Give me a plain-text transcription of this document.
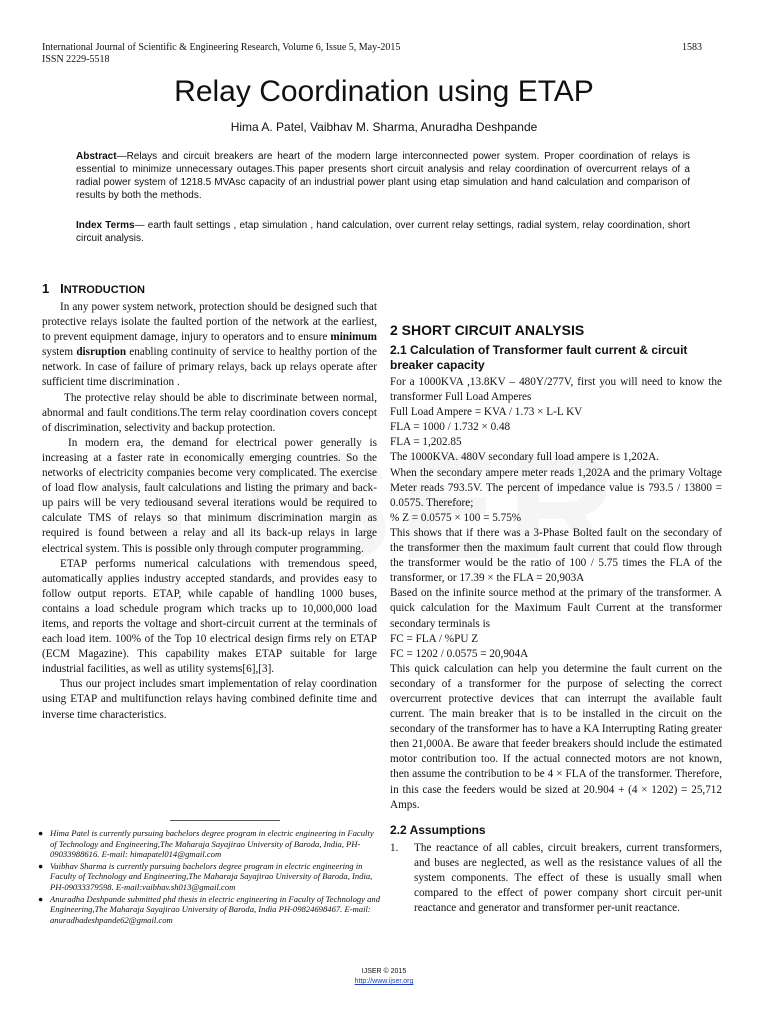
International Journal of Scientific & Engineering Research, Volume 6, Issue 5, May-2015
ISSN 2229-5518
1583
Relay Coordination using ETAP
Hima A. Patel, Vaibhav M. Sharma, Anuradha Deshpande
Abstract—Relays and circuit breakers are heart of the modern large interconnected power system. Proper coordination of relays is essential to minimize unnecessary outages.This paper presents short circuit analysis and relay coordination of overcurrent relays of a radial power system of 1218.5 MVAsc capacity of an industrial power plant using etap simulation and hand calculation and comparison of results by both the methods.
Index Terms— earth fault settings , etap simulation , hand calculation, over current relay settings, radial system, relay coordination, short circuit analysis.
1 INTRODUCTION

In any power system network, protection should be designed such that protective relays isolate the faulted portion of the network at the earliest, to prevent equipment damage, injury to operators and to ensure minimum system disruption enabling continuity of service to healthy portion of the network. In case of failure of primary relays, back up relays operate after sufficient time discrimination .

The protective relay should be able to discriminate between normal, abnormal and fault conditions.The term relay coordination covers concept of discrimination, selectivity and backup protection.

In modern era, the demand for electrical power generally is increasing at a faster rate in economically emerging countries. So the networks of electricity companies become very complicated. The exercise of load flow analysis, fault calculations and listing the primary and back-up pairs will be very tediousand several iterations would be required to calculate TMS of relays so that minimum discrimination margin as required is found between a relay and all its back-up relays in large electrical system. This is possible only through computer programming.

ETAP performs numerical calculations with tremendous speed, automatically applies industry accepted standards, and provides easy to follow output reports. ETAP, while capable of handling 1000 buses, contains a load schedule program which tracks up to 10,000,000 load items, and reports the voltage and short-circuit current at the terminals of each load item. 100% of the Top 10 electrical design firms rely on ETAP (ECM Magazine). This capability makes ETAP suitable for large industrial facilities, as well as utility systems[6],[3].

Thus our project includes smart implementation of relay coordination using ETAP and multifunction relays having combined definite time and inverse time characteristics.

● Hima Patel is currently pursuing bachelors degree program in electric engineering in Faculty of Technology and Engineering,The Maharaja Sayajirao University of Baroda, India, PH-09033988616. E-mail: himapatel014@gmail.com
● Vaibhav Sharma is currently pursuing bachelors degree program in electric engineering in Faculty of Technology and Engineering,The Maharaja Sayajirao University of Baroda, India, PH-09033379598. E-mail:vaibhav.sh013@gmail.com
● Anuradha Deshpande submitted phd thesis in electric engineering in Faculty of Technology and Engineering,The Maharaja Sayajirao University of Baroda, India PH-09824698467. E-mail: anuradhadeshpande62@gmail.com
2 SHORT CIRCUIT ANALYSIS
2.1 Calculation of Transformer fault current & circuit breaker capacity

For a 1000KVA ,13.8KV – 480Y/277V, first you will need to know the transformer Full Load Amperes

Full Load Ampere = KVA / 1.73 × L-L KV

FLA = 1000 / 1.732 × 0.48

FLA = 1,202.85

The 1000KVA. 480V secondary full load ampere is 1,202A.

When the secondary ampere meter reads 1,202A and the primary Voltage Meter reads 793.5V. The percent of impedance value is 793.5 / 13800 = 0.0575. Therefore;

% Z = 0.0575 × 100 = 5.75%

This shows that if there was a 3-Phase Bolted fault on the secondary of the transformer then the maximum fault current that could flow through the transformer would be the ratio of 100 / 5.75 times the FLA of the transformer, or 17.39 × the FLA = 20,903A

Based on the infinite source method at the primary of the transformer. A quick calculation for the Maximum Fault Current at the transformer secondary terminals is

FC = FLA / %PU Z

FC = 1202 / 0.0575 = 20,904A

This quick calculation can help you determine the fault current on the secondary of a transformer for the purpose of selecting the correct overcurrent protective devices that can interrupt the available fault current. The main breaker that is to be installed in the circuit on the secondary of the transformer has to have a KA Interrupting Rating greater then 21,000A. Be aware that feeder breakers should include the estimated motor contribution too. If the actual connected motors are not known, then assume the contribution to be 4 × FLA of the transformer. Therefore, in this case the feeders would be sized at 20.904 + (4 × 1202) = 25,712 Amps.

2.2 Assumptions

1. The reactance of all cables, circuit breakers, current transformers, and buses are neglected, as well as the resistance values of all the system components. The effect of these is usually small when compared to the effect of power company short circuit per-unit reactance and generator and transformer per-unit reactance.
IJSER © 2015
http://www.ijser.org
